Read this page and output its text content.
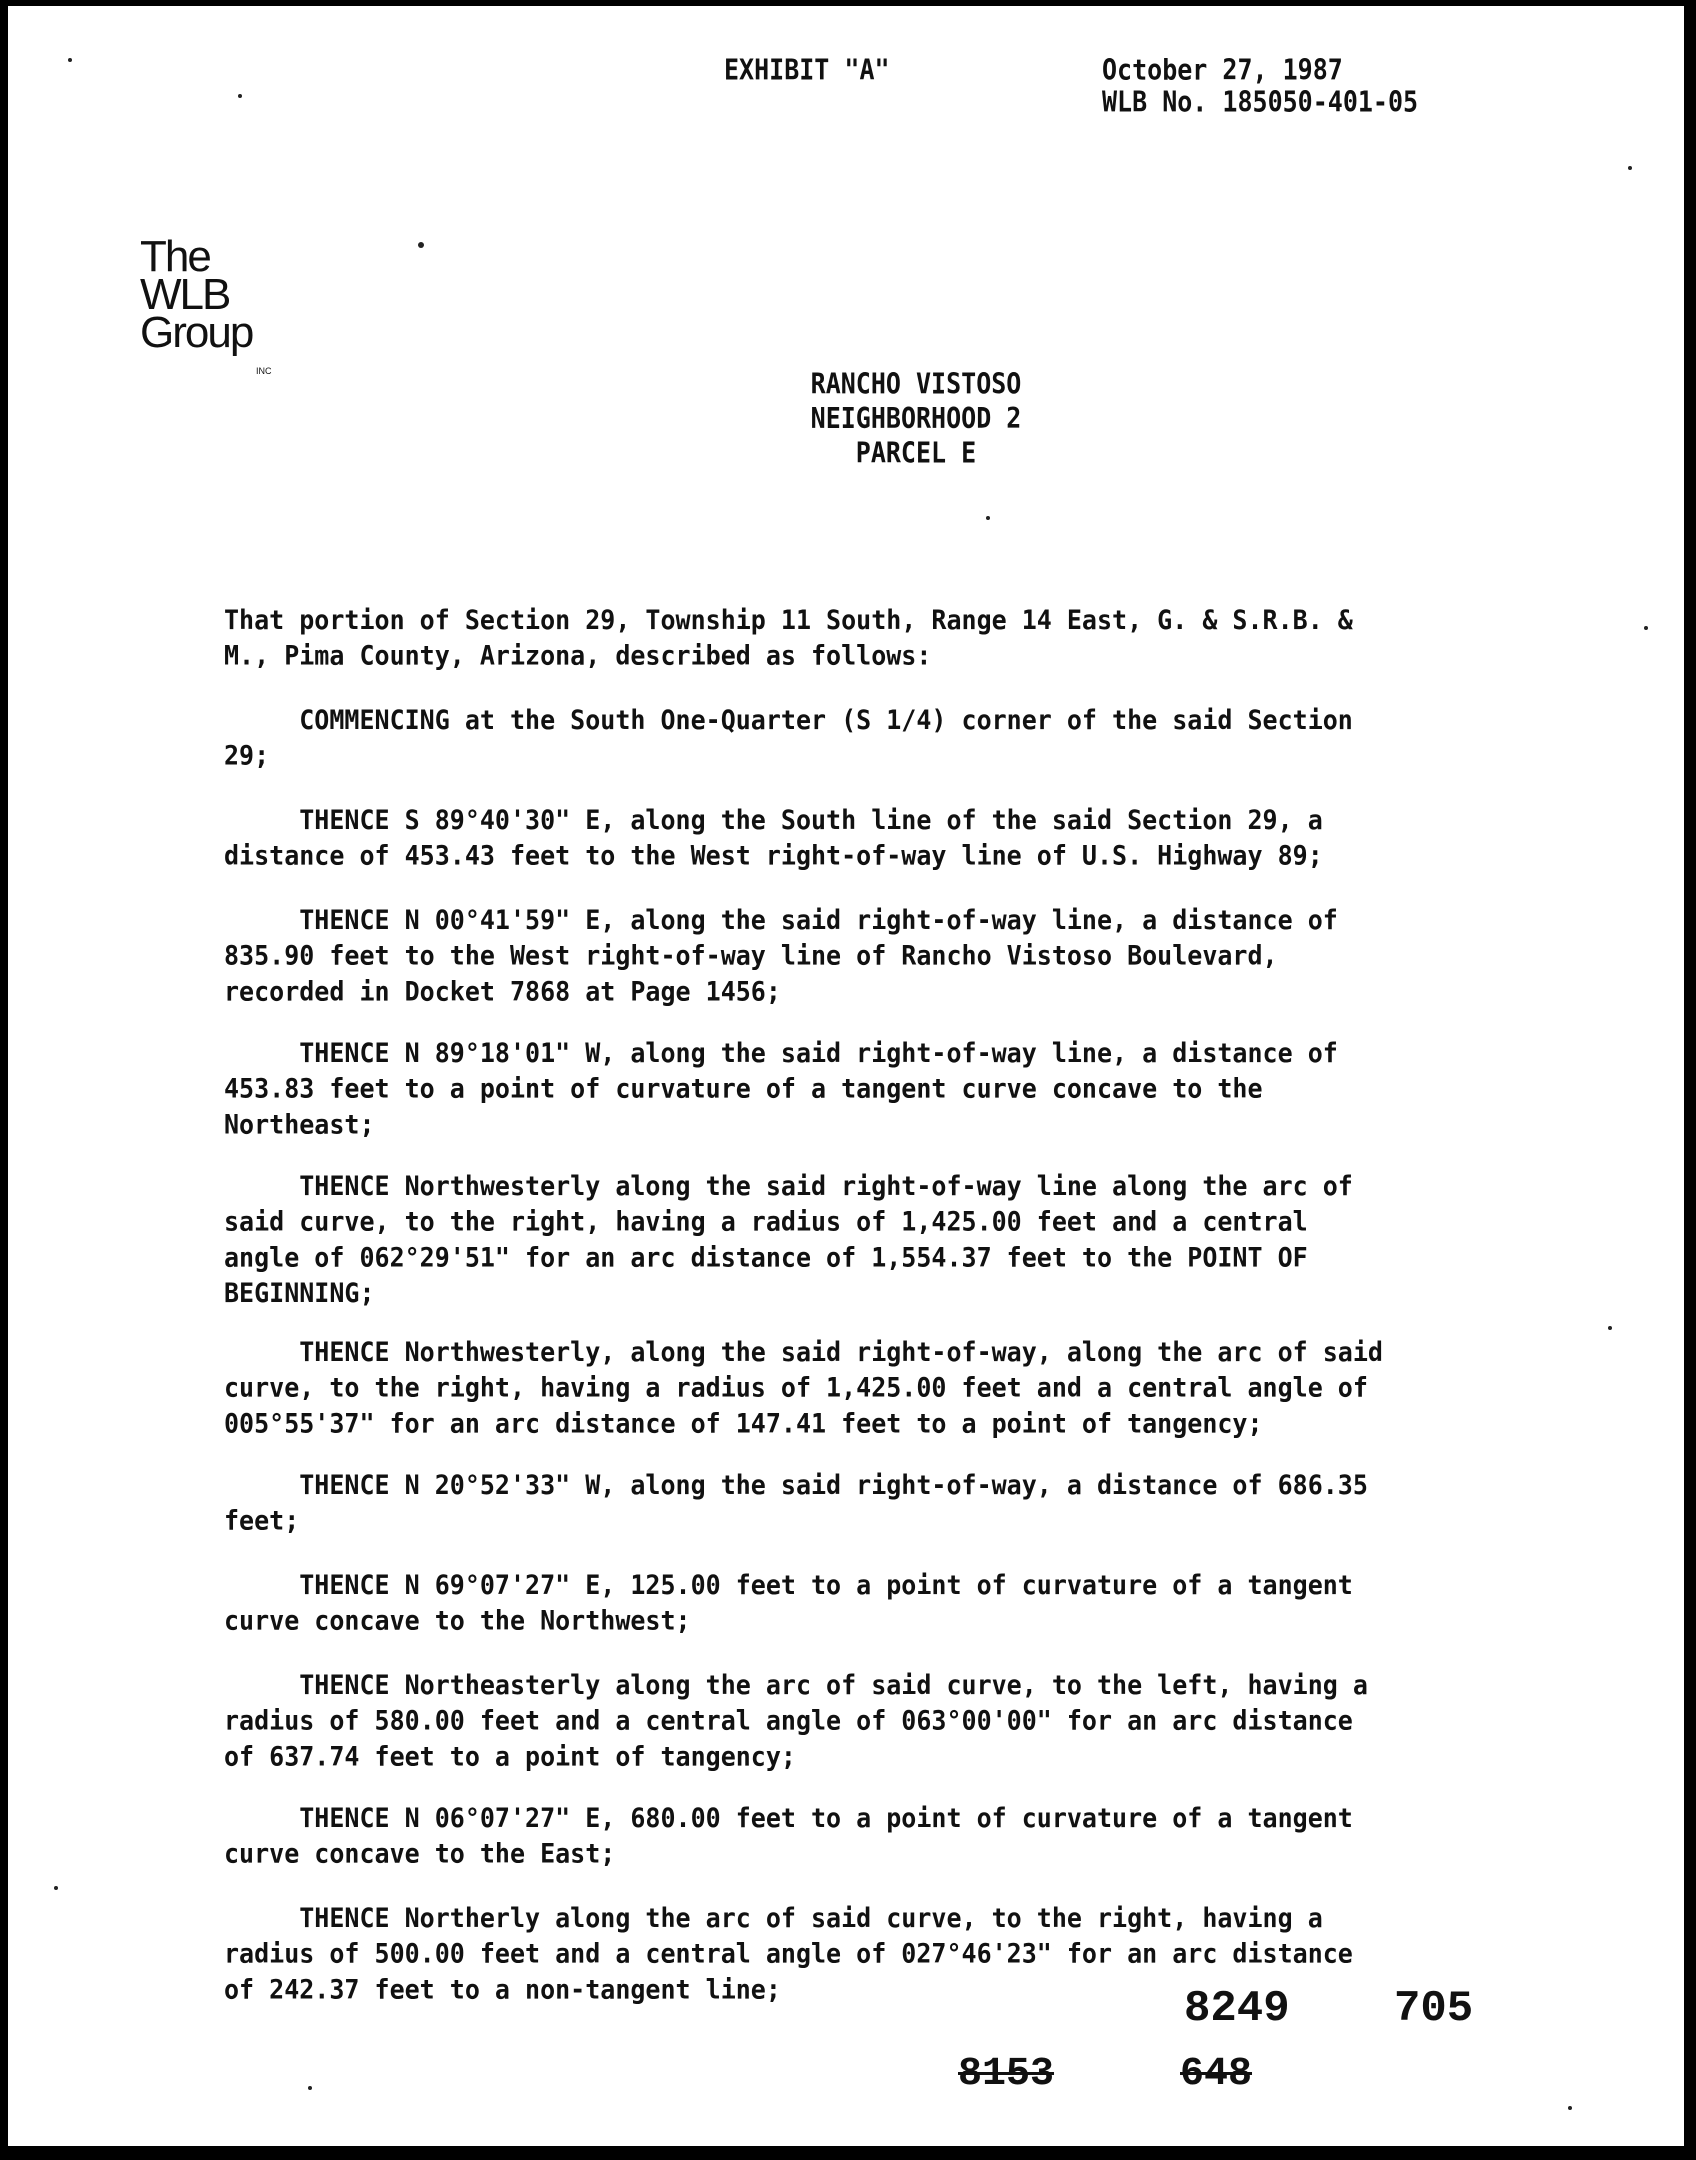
EXHIBIT "A"	October 27, 1987
WLB No. 185050-401-05
The
WLB
Group
INC	RANCHO VISTOSO
NEIGHBORHOOD 2
PARCEL E
That portion of Section 29, Township 11 South, Range 14 East, G. & S.R.B. &
M., Pima County, Arizona, described as follows:
COMMENCING at the South One-Quarter (S 1/4) corner of the said Section
29;
THENCE S 89°40'30" E, along the South line of the said Section 29, a
distance of 453.43 feet to the West right-of-way line of U.S. Highway 89;
THENCE N 00°41'59" E, along the said right-of-way line, a distance of
835.90 feet to the West right-of-way line of Rancho Vistoso Boulevard,
recorded in Docket 7868 at Page 1456;
THENCE N 89°18'01" W, along the said right-of-way line, a distance of
453.83 feet to a point of curvature of a tangent curve concave to the
Northeast;
THENCE Northwesterly along the said right-of-way line along the arc of
said curve, to the right, having a radius of 1,425.00 feet and a central
angle of 062°29'51" for an arc distance of 1,554.37 feet to the POINT OF
BEGINNING;
THENCE Northwesterly, along the said right-of-way, along the arc of said
curve, to the right, having a radius of 1,425.00 feet and a central angle of
005°55'37" for an arc distance of 147.41 feet to a point of tangency;
THENCE N 20°52'33" W, along the said right-of-way, a distance of 686.35
feet;
THENCE N 69°07'27" E, 125.00 feet to a point of curvature of a tangent
curve concave to the Northwest;
THENCE Northeasterly along the arc of said curve, to the left, having a
radius of 580.00 feet and a central angle of 063°00'00" for an arc distance
of 637.74 feet to a point of tangency;
THENCE N 06°07'27" E, 680.00 feet to a point of curvature of a tangent
curve concave to the East;
THENCE Northerly along the arc of said curve, to the right, having a
radius of 500.00 feet and a central angle of 027°46'23" for an arc distance
of 242.37 feet to a non-tangent line;	8249 705
8153	648
